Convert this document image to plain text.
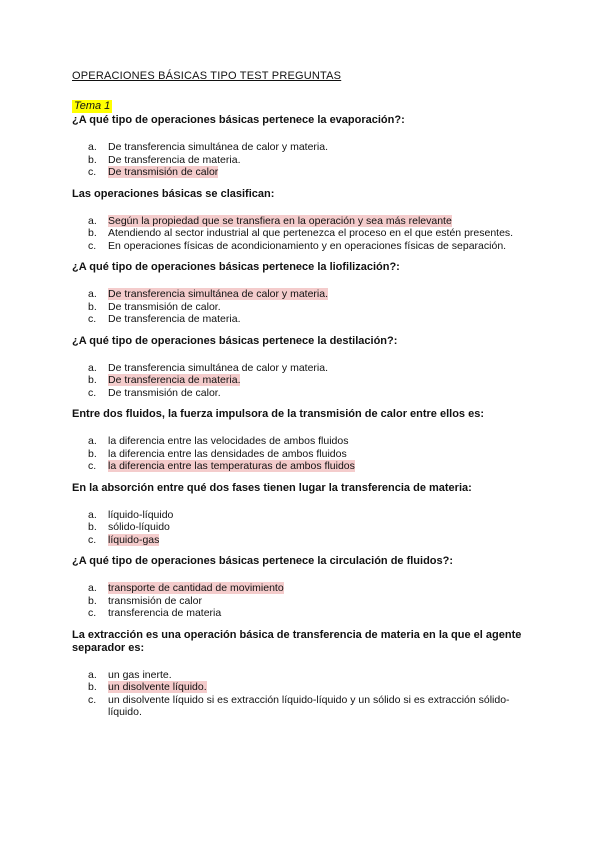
OPERACIONES BÁSICAS TIPO TEST PREGUNTAS

Tema 1

¿A qué tipo de operaciones básicas pertenece la evaporación?:

a. De transferencia simultánea de calor y materia.
b. De transferencia de materia.
c. De transmisión de calor

Las operaciones básicas se clasifican:

a. Según la propiedad que se transfiera en la operación y sea más relevante
b. Atendiendo al sector industrial al que pertenezca el proceso en el que estén presentes.
c. En operaciones físicas de acondicionamiento y en operaciones físicas de separación.

¿A qué tipo de operaciones básicas pertenece la liofilización?:

a. De transferencia simultánea de calor y materia.
b. De transmisión de calor.
c. De transferencia de materia.

¿A qué tipo de operaciones básicas pertenece la destilación?:

a. De transferencia simultánea de calor y materia.
b. De transferencia de materia.
c. De transmisión de calor.

Entre dos fluidos, la fuerza impulsora de la transmisión de calor entre ellos es:

a. la diferencia entre las velocidades de ambos fluidos
b. la diferencia entre las densidades de ambos fluidos
c. la diferencia entre las temperaturas de ambos fluidos

En la absorción entre qué dos fases tienen lugar la transferencia de materia:

a. líquido-líquido
b. sólido-líquido
c. líquido-gas

¿A qué tipo de operaciones básicas pertenece la circulación de fluidos?:

a. transporte de cantidad de movimiento
b. transmisión de calor
c. transferencia de materia

La extracción es una operación básica de transferencia de materia en la que el agente separador es:

a. un gas inerte.
b. un disolvente líquido.
c. un disolvente líquido si es extracción líquido-líquido y un sólido si es extracción sólido-líquido.
